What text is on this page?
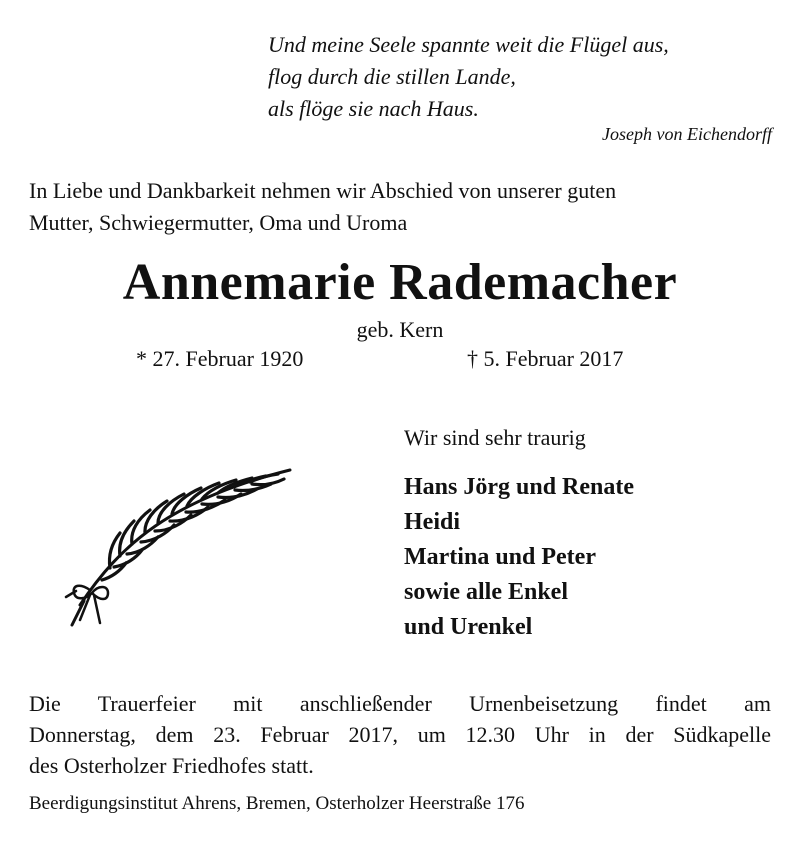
Und meine Seele spannte weit die Flügel aus,
flog durch die stillen Lande,
als flöge sie nach Haus.
Joseph von Eichendorff
In Liebe und Dankbarkeit nehmen wir Abschied von unserer guten
Mutter, Schwiegermutter, Oma und Uroma
Annemarie Rademacher
geb. Kern
* 27. Februar 1920	† 5. Februar 2017
Wir sind sehr traurig
Hans Jörg und Renate
Heidi
Martina und Peter
sowie alle Enkel
und Urenkel

Die Trauerfeier mit anschließender Urnenbeisetzung findet am

Donnerstag, dem 23. Februar 2017, um 12.30 Uhr in der Südkapelle

des Osterholzer Friedhofes statt.

Beerdigungsinstitut Ahrens, Bremen, Osterholzer Heerstraße 176
